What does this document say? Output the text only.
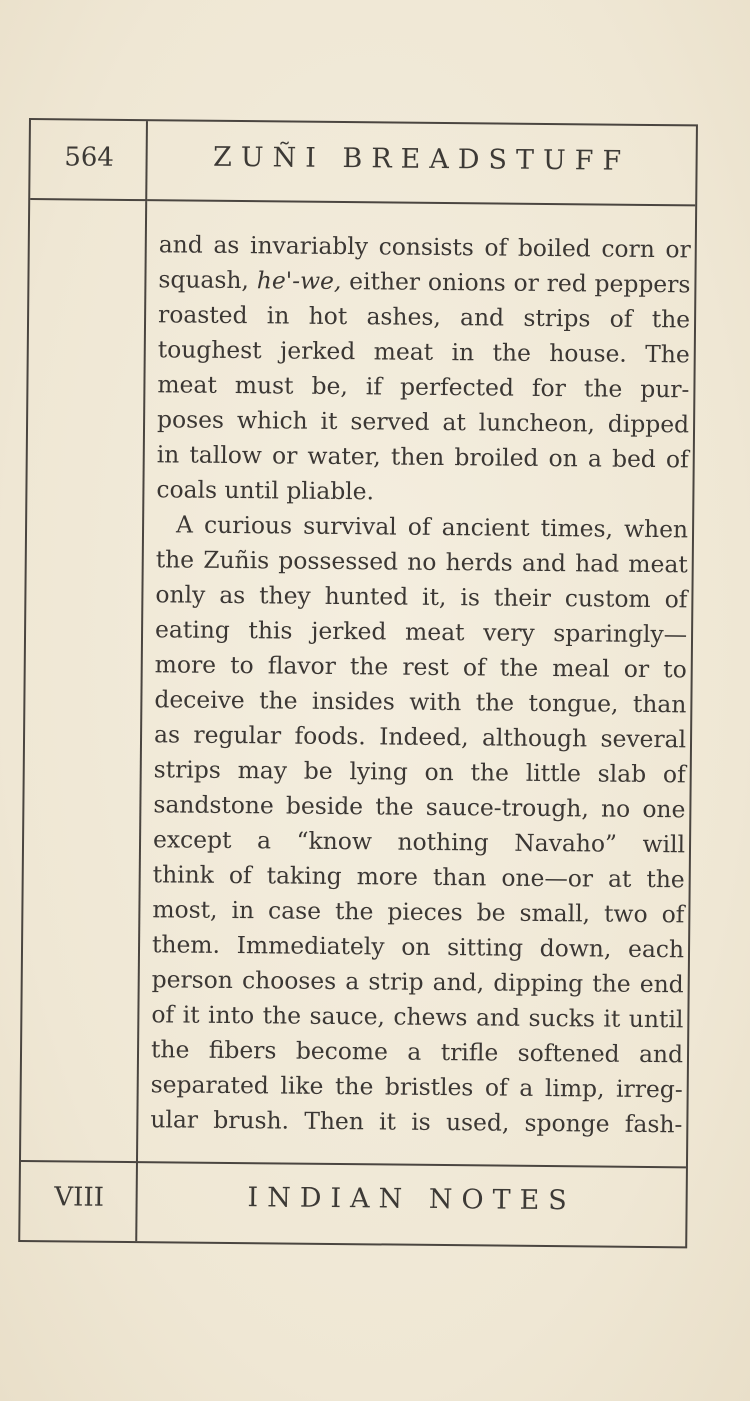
564	ZUÑI BREADSTUFF

and as invariably consists of boiled corn or
squash, he'-we, either onions or red peppers
roasted in hot ashes, and strips of the
toughest jerked meat in the house. The
meat must be, if perfected for the pur-
poses which it served at luncheon, dipped
in tallow or water, then broiled on a bed of
coals until pliable.

A curious survival of ancient times, when
the Zuñis possessed no herds and had meat
only as they hunted it, is their custom of
eating this jerked meat very sparingly—
more to flavor the rest of the meal or to
deceive the insides with the tongue, than
as regular foods. Indeed, although several
strips may be lying on the little slab of
sandstone beside the sauce-trough, no one
except a “know nothing Navaho” will
think of taking more than one—or at the
most, in case the pieces be small, two of
them. Immediately on sitting down, each
person chooses a strip and, dipping the end
of it into the sauce, chews and sucks it until
the fibers become a trifle softened and
separated like the bristles of a limp, irreg-
ular brush. Then it is used, sponge fash-

VIII	INDIAN NOTES
